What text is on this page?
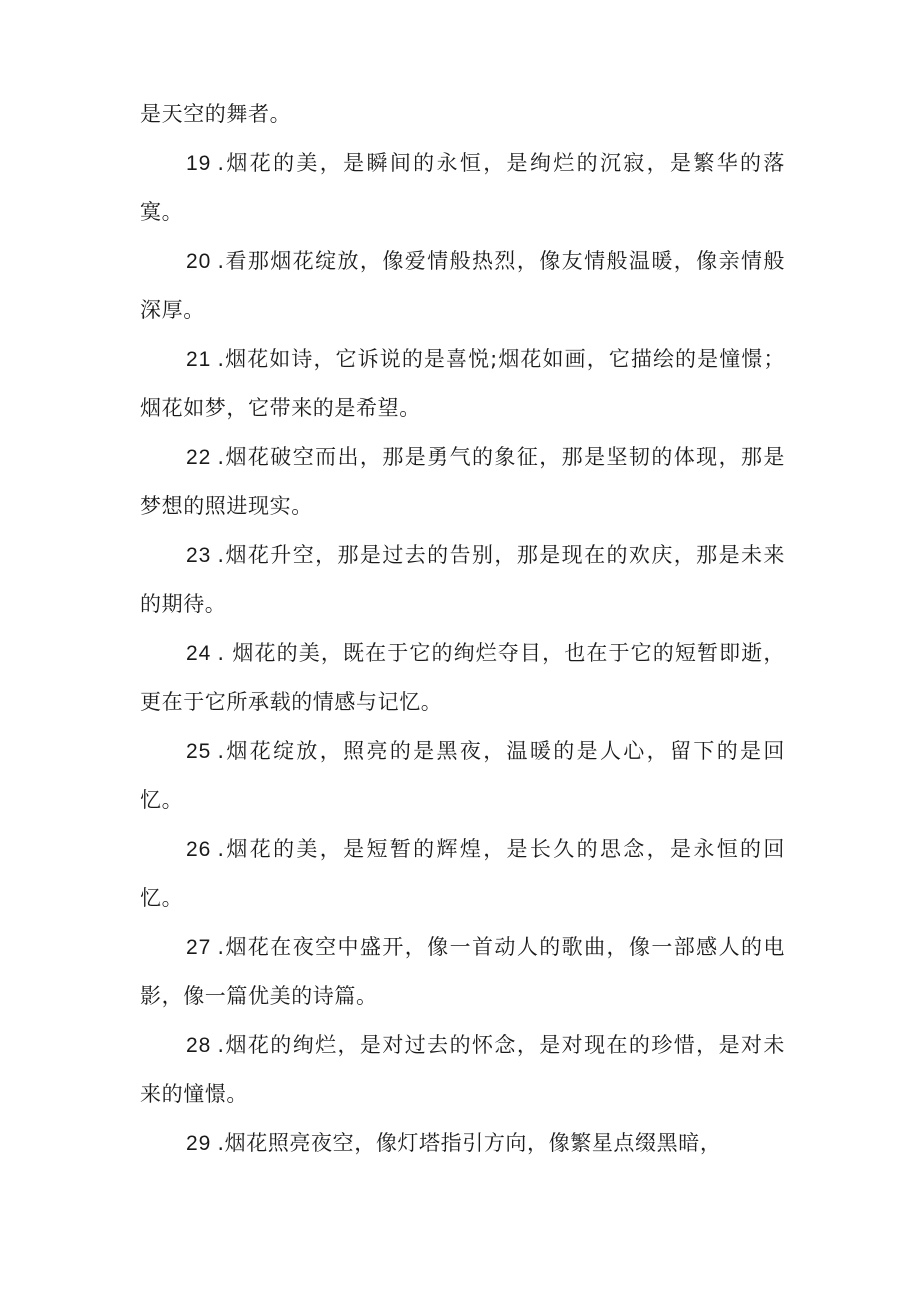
是天空的舞者。

19 .烟花的美，是瞬间的永恒，是绚烂的沉寂，是繁华的落寞。

20 .看那烟花绽放，像爱情般热烈，像友情般温暖，像亲情般深厚。

21 .烟花如诗，它诉说的是喜悦;烟花如画，它描绘的是憧憬；烟花如梦，它带来的是希望。

22 .烟花破空而出，那是勇气的象征，那是坚韧的体现，那是梦想的照进现实。

23 .烟花升空，那是过去的告别，那是现在的欢庆，那是未来的期待。

24 . 烟花的美，既在于它的绚烂夺目，也在于它的短暂即逝，更在于它所承载的情感与记忆。

25 .烟花绽放，照亮的是黑夜，温暖的是人心，留下的是回忆。

26 .烟花的美，是短暂的辉煌，是长久的思念，是永恒的回忆。

27 .烟花在夜空中盛开，像一首动人的歌曲，像一部感人的电影，像一篇优美的诗篇。

28 .烟花的绚烂，是对过去的怀念，是对现在的珍惜，是对未来的憧憬。

29 .烟花照亮夜空，像灯塔指引方向，像繁星点缀黑暗，
